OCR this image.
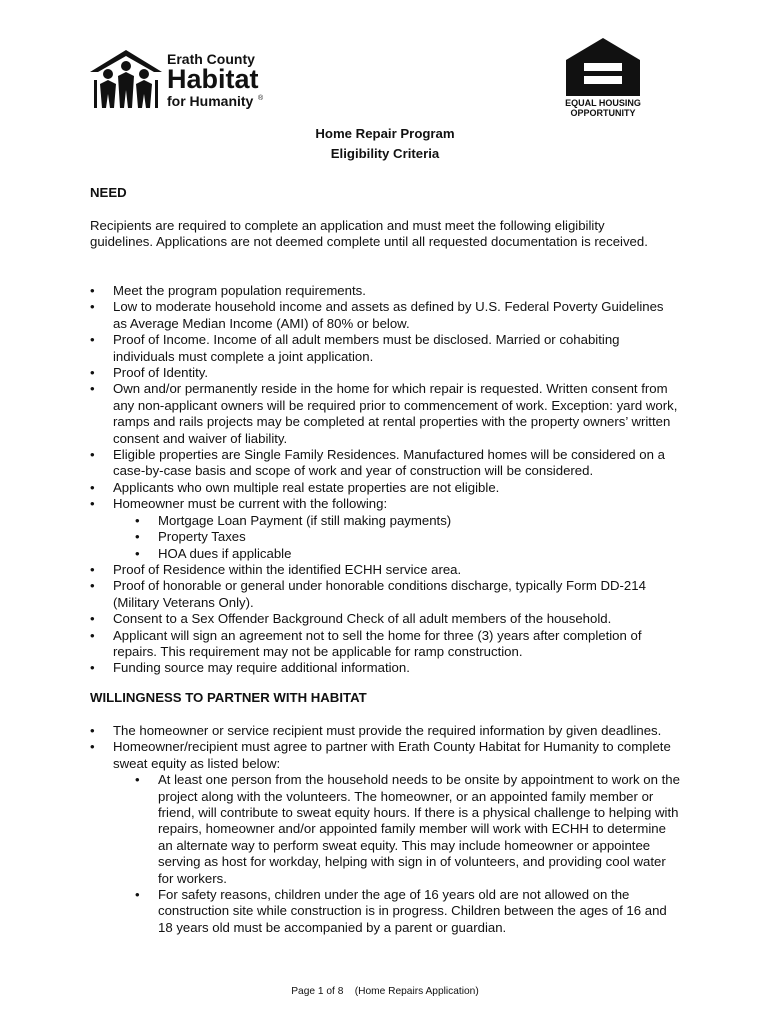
Erath County
Habitat
for Humanity ®	EQUAL HOUSING
OPPORTUNITY
Home Repair Program
Eligibility Criteria
NEED
Recipients are required to complete an application and must meet the following eligibility guidelines. Applications are not deemed complete until all requested documentation is received.
• Meet the program population requirements.
• Low to moderate household income and assets as defined by U.S. Federal Poverty Guidelines as Average Median Income (AMI) of 80% or below.
• Proof of Income. Income of all adult members must be disclosed. Married or cohabiting individuals must complete a joint application.
• Proof of Identity.
• Own and/or permanently reside in the home for which repair is requested. Written consent from any non-applicant owners will be required prior to commencement of work. Exception: yard work, ramps and rails projects may be completed at rental properties with the property owners’ written consent and waiver of liability.
• Eligible properties are Single Family Residences. Manufactured homes will be considered on a case-by-case basis and scope of work and year of construction will be considered.
• Applicants who own multiple real estate properties are not eligible.
• Homeowner must be current with the following:
• Mortgage Loan Payment (if still making payments)
• Property Taxes
• HOA dues if applicable
• Proof of Residence within the identified ECHH service area.
• Proof of honorable or general under honorable conditions discharge, typically Form DD-214 (Military Veterans Only).
• Consent to a Sex Offender Background Check of all adult members of the household.
• Applicant will sign an agreement not to sell the home for three (3) years after completion of repairs. This requirement may not be applicable for ramp construction.
• Funding source may require additional information.
WILLINGNESS TO PARTNER WITH HABITAT
• The homeowner or service recipient must provide the required information by given deadlines.
• Homeowner/recipient must agree to partner with Erath County Habitat for Humanity to complete sweat equity as listed below:
• At least one person from the household needs to be onsite by appointment to work on the project along with the volunteers. The homeowner, or an appointed family member or friend, will contribute to sweat equity hours. If there is a physical challenge to helping with repairs, homeowner and/or appointed family member will work with ECHH to determine an alternate way to perform sweat equity. This may include homeowner or appointee serving as host for workday, helping with sign in of volunteers, and providing cool water for workers.
• For safety reasons, children under the age of 16 years old are not allowed on the construction site while construction is in progress. Children between the ages of 16 and 18 years old must be accompanied by a parent or guardian.
Page 1 of 8 (Home Repairs Application)
